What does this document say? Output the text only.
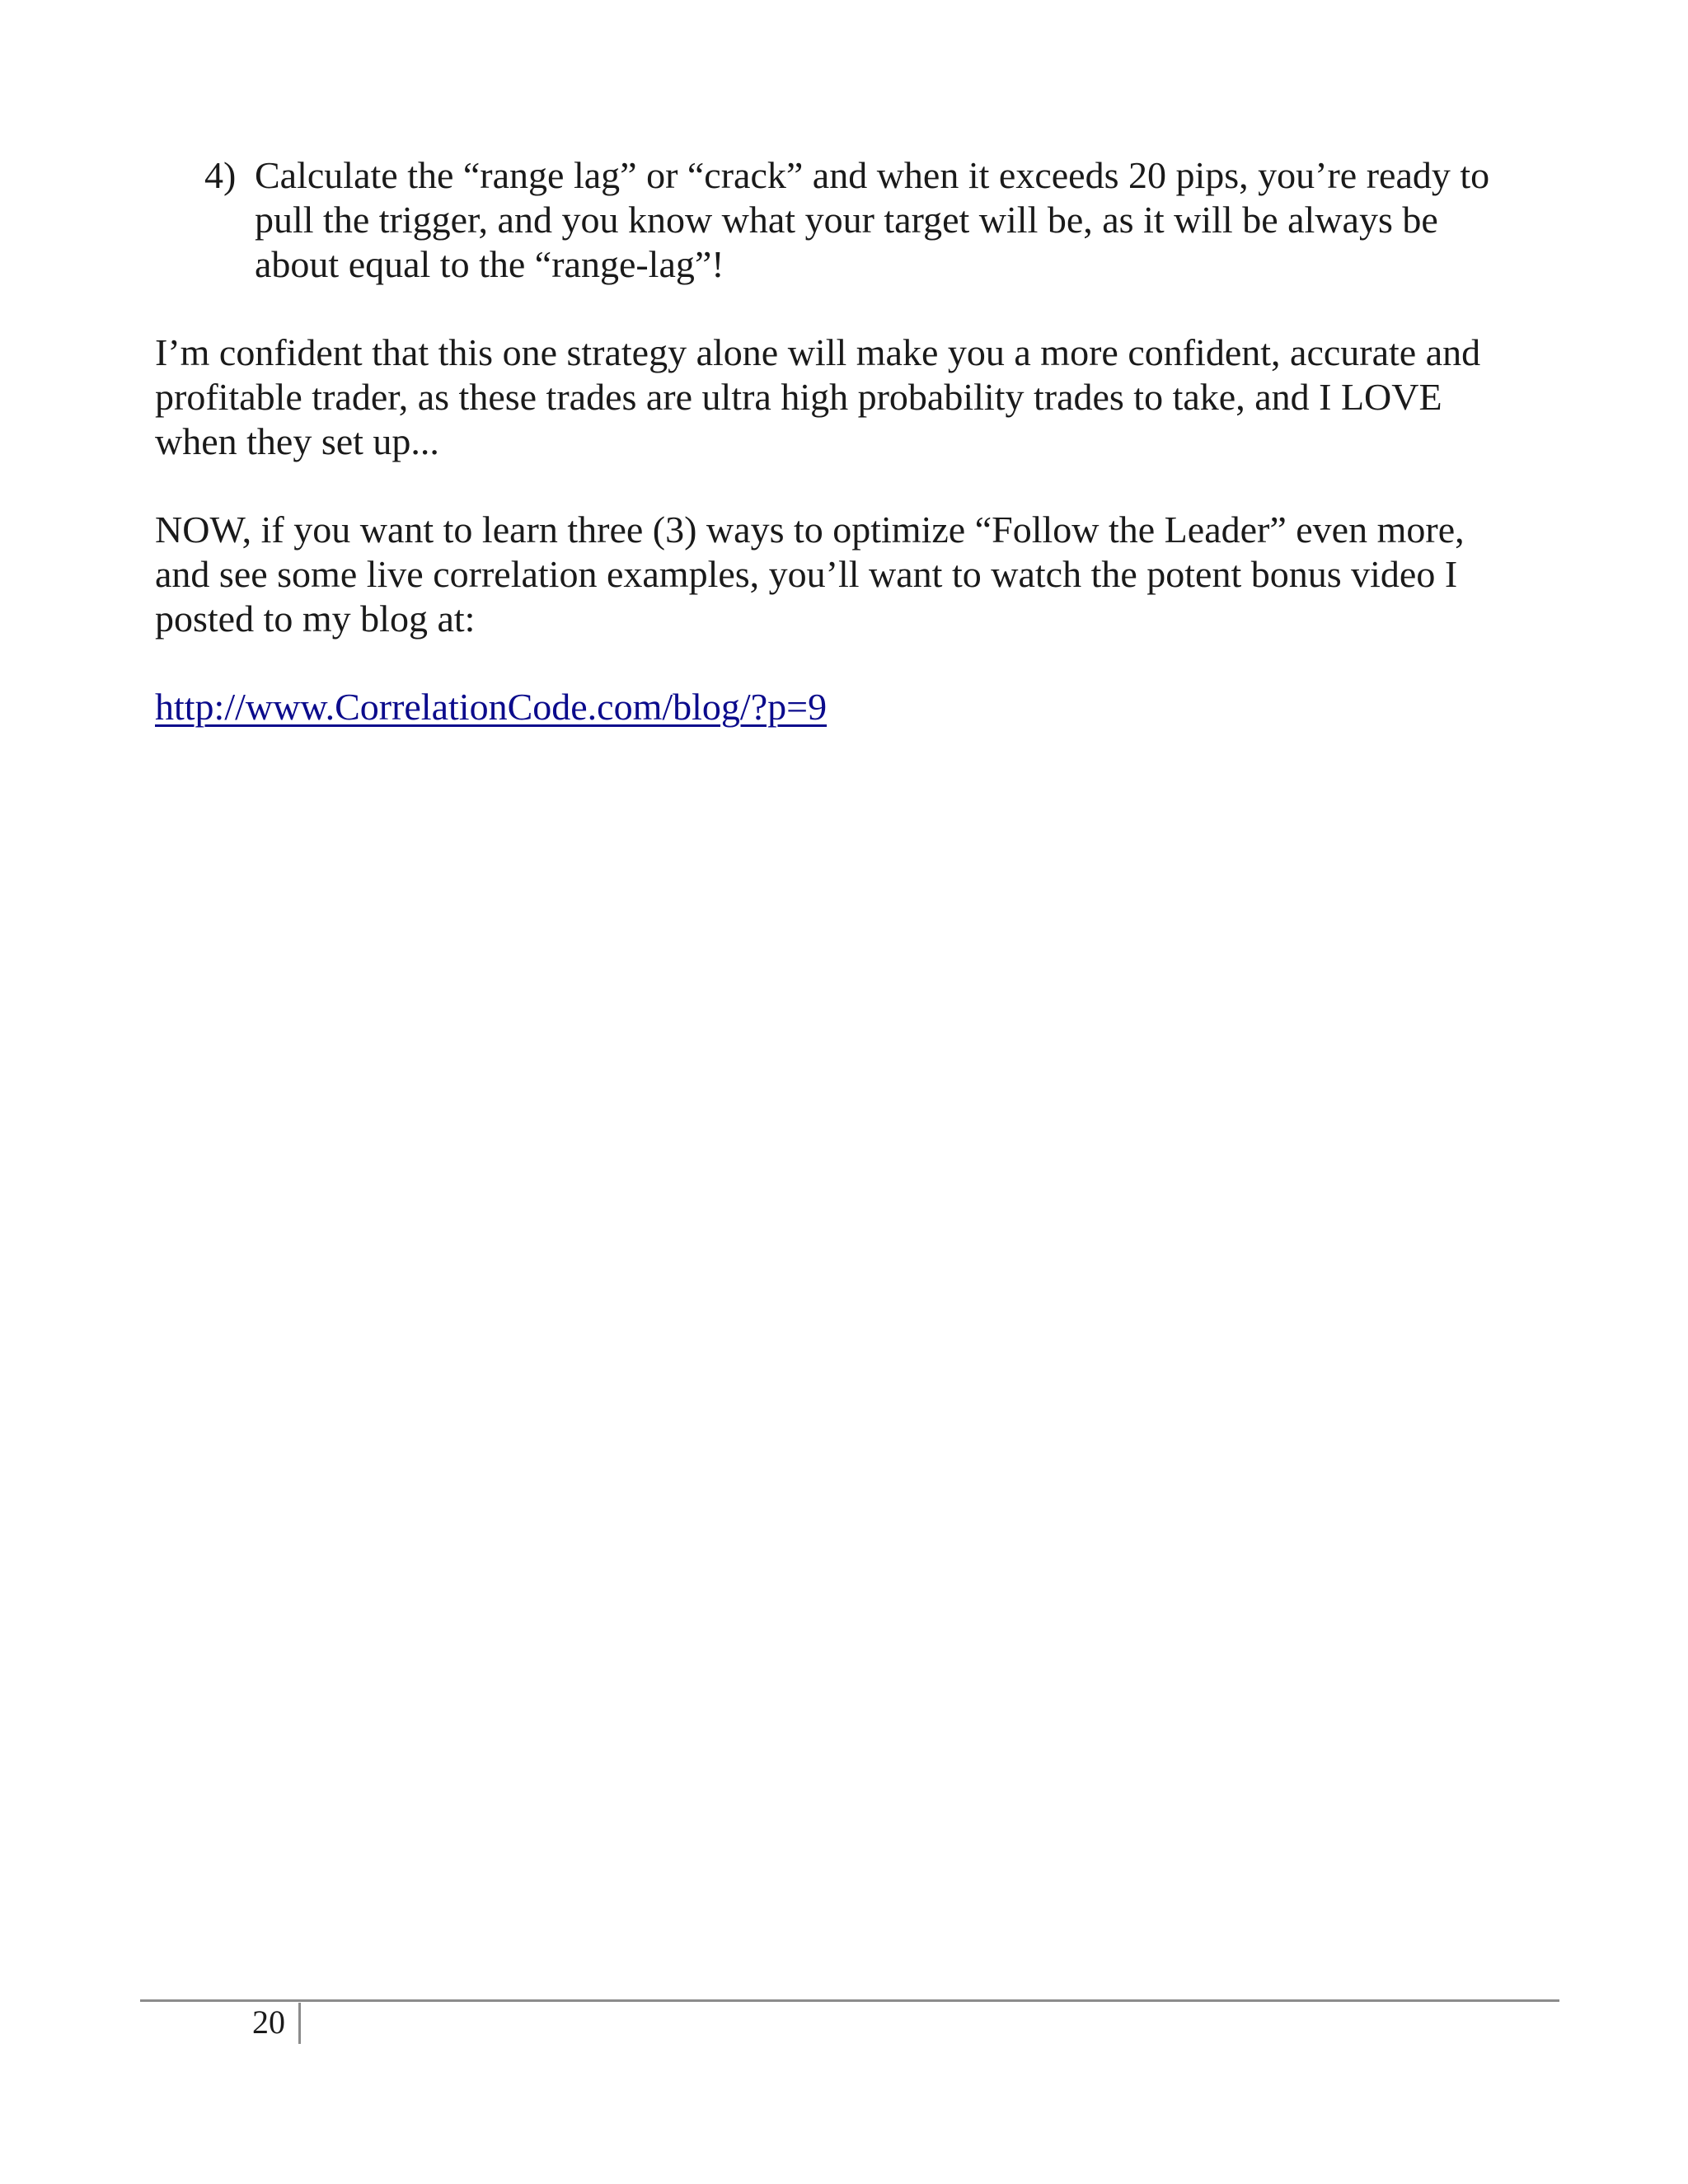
4) Calculate the “range lag” or “crack” and when it exceeds 20 pips, you’re ready to
pull the trigger, and you know what your target will be, as it will be always be
about equal to the “range-lag”!
I’m confident that this one strategy alone will make you a more confident, accurate and
profitable trader, as these trades are ultra high probability trades to take, and I LOVE
when they set up...
NOW, if you want to learn three (3) ways to optimize “Follow the Leader” even more,
and see some live correlation examples, you’ll want to watch the potent bonus video I
posted to my blog at:
http://www.CorrelationCode.com/blog/?p=9
20
